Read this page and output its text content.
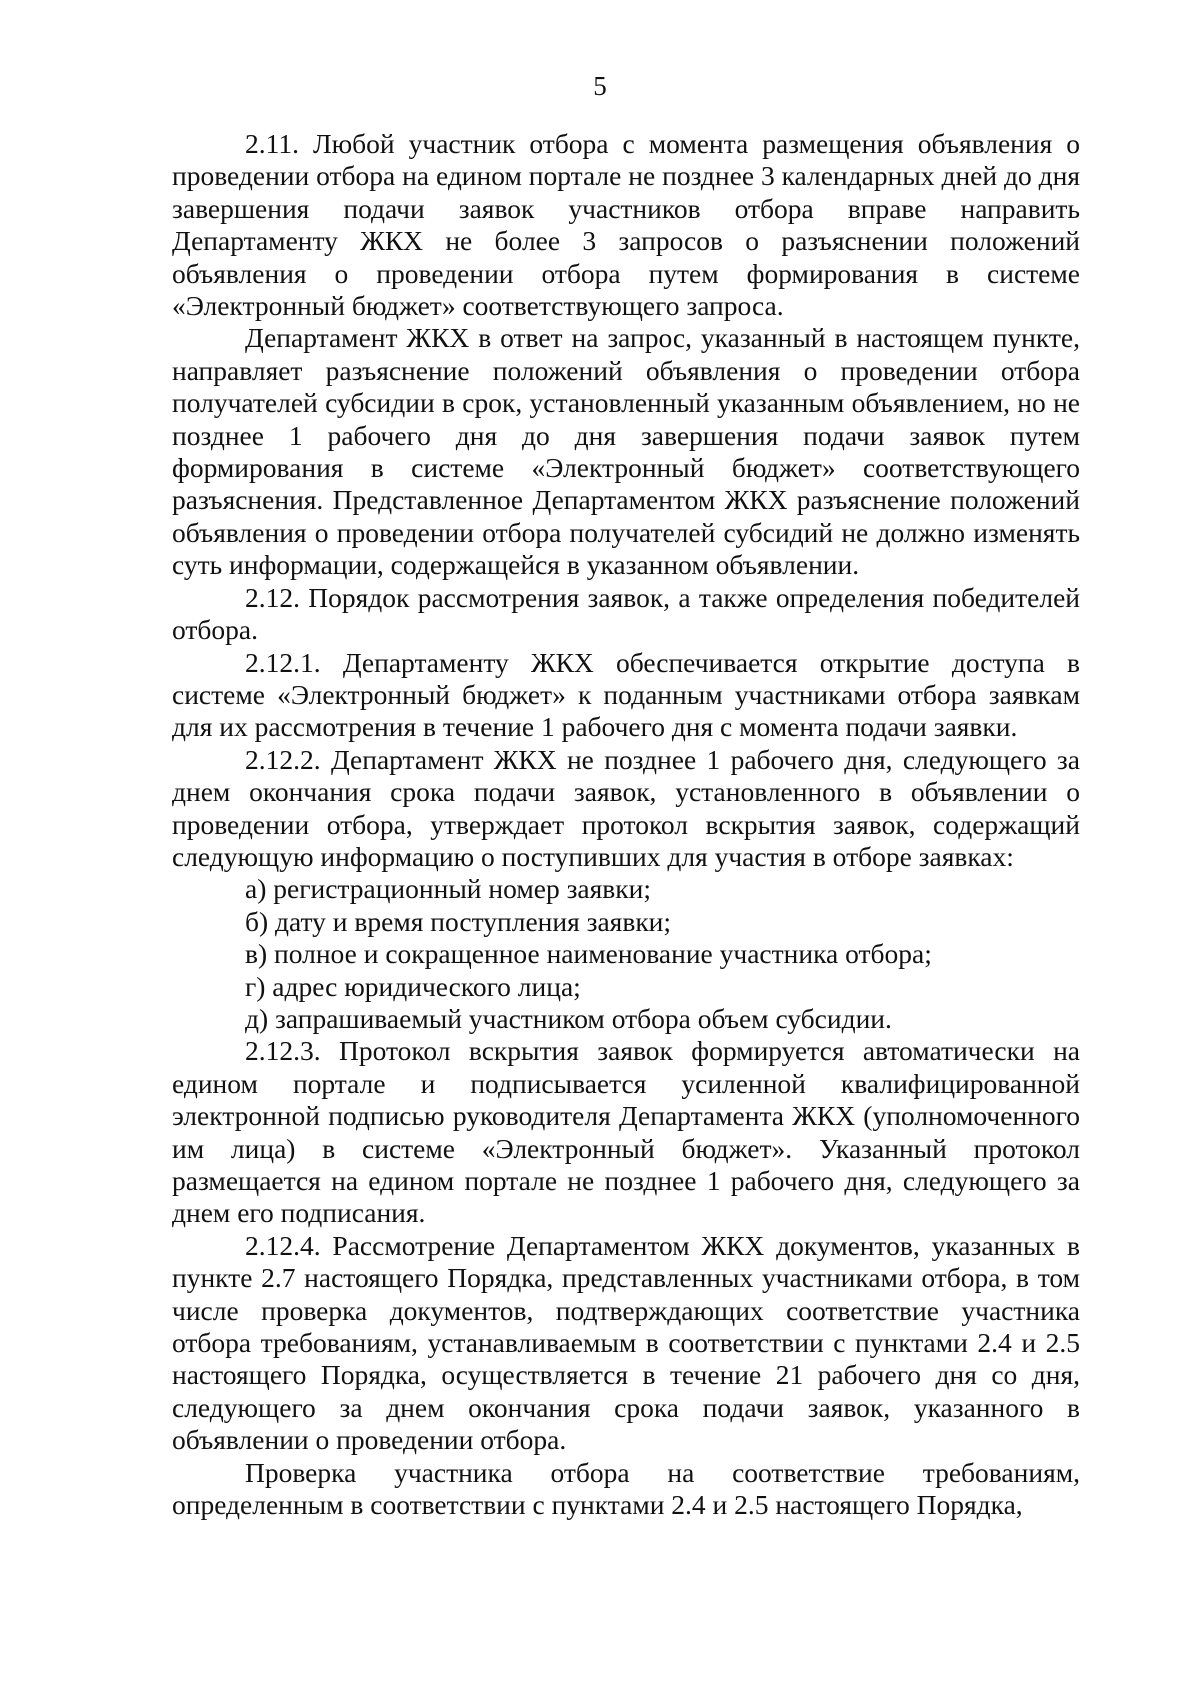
5

2.11. Любой участник отбора с момента размещения объявления о проведении отбора на едином портале не позднее 3 календарных дней до дня завершения подачи заявок участников отбора вправе направить Департаменту ЖКХ не более 3 запросов о разъяснении положений объявления о проведении отбора путем формирования в системе «Электронный бюджет» соответствующего запроса.

Департамент ЖКХ в ответ на запрос, указанный в настоящем пункте, направляет разъяснение положений объявления о проведении отбора получателей субсидии в срок, установленный указанным объявлением, но не позднее 1 рабочего дня до дня завершения подачи заявок путем формирования в системе «Электронный бюджет» соответствующего разъяснения. Представленное Департаментом ЖКХ разъяснение положений объявления о проведении отбора получателей субсидий не должно изменять суть информации, содержащейся в указанном объявлении.

2.12. Порядок рассмотрения заявок, а также определения победителей отбора.

2.12.1. Департаменту ЖКХ обеспечивается открытие доступа в системе «Электронный бюджет» к поданным участниками отбора заявкам для их рассмотрения в течение 1 рабочего дня с момента подачи заявки.

2.12.2. Департамент ЖКХ не позднее 1 рабочего дня, следующего за днем окончания срока подачи заявок, установленного в объявлении о проведении отбора, утверждает протокол вскрытия заявок, содержащий следующую информацию о поступивших для участия в отборе заявках:

а) регистрационный номер заявки;

б) дату и время поступления заявки;

в) полное и сокращенное наименование участника отбора;

г) адрес юридического лица;

д) запрашиваемый участником отбора объем субсидии.

2.12.3. Протокол вскрытия заявок формируется автоматически на едином портале и подписывается усиленной квалифицированной электронной подписью руководителя Департамента ЖКХ (уполномоченного им лица) в системе «Электронный бюджет». Указанный протокол размещается на едином портале не позднее 1 рабочего дня, следующего за днем его подписания.

2.12.4. Рассмотрение Департаментом ЖКХ документов, указанных в пункте 2.7 настоящего Порядка, представленных участниками отбора, в том числе проверка документов, подтверждающих соответствие участника отбора требованиям, устанавливаемым в соответствии с пунктами 2.4 и 2.5 настоящего Порядка, осуществляется в течение 21 рабочего дня со дня, следующего за днем окончания срока подачи заявок, указанного в объявлении о проведении отбора.

Проверка участника отбора на соответствие требованиям, определенным в соответствии с пунктами 2.4 и 2.5 настоящего Порядка,
